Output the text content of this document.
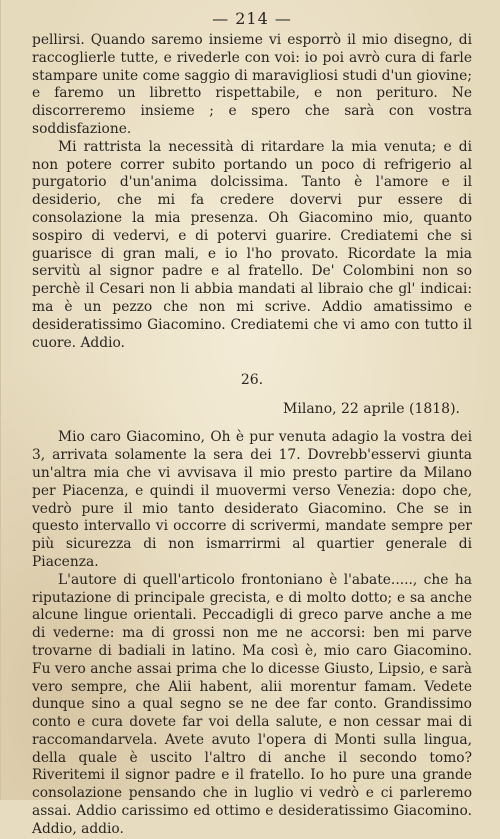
— 214 —

pellirsi. Quando saremo insieme vi esporrò il mio disegno, di raccoglierle tutte, e rivederle con voi: io poi avrò cura di farle stampare unite come saggio di maravigliosi studi d'un giovine; e faremo un libretto rispettabile, e non perituro. Ne discorreremo insieme ; e spero che sarà con vostra soddisfazione.

Mi rattrista la necessità di ritardare la mia venuta; e di non potere correr subito portando un poco di refrigerio al purgatorio d'un'anima dolcissima. Tanto è l'amore e il desiderio, che mi fa credere dovervi pur essere di consolazione la mia presenza. Oh Giacomino mio, quanto sospiro di vedervi, e di potervi guarire. Crediatemi che si guarisce di gran mali, e io l'ho provato. Ricordate la mia servitù al signor padre e al fratello. De' Colombini non so perchè il Cesari non li abbia mandati al libraio che gl' indicai: ma è un pezzo che non mi scrive. Addio amatissimo e desideratissimo Giacomino. Crediatemi che vi amo con tutto il cuore. Addio.

26.

Milano, 22 aprile (1818).

Mio caro Giacomino, Oh è pur venuta adagio la vostra dei 3, arrivata solamente la sera dei 17. Dovrebb'esservi giunta un'altra mia che vi avvisava il mio presto partire da Milano per Piacenza, e quindi il muovermi verso Venezia: dopo che, vedrò pure il mio tanto desiderato Giacomino. Che se in questo intervallo vi occorre di scrivermi, mandate sempre per più sicurezza di non ismarrirmi al quartier generale di Piacenza.

L'autore di quell'articolo frontoniano è l'abate....., che ha riputazione di principale grecista, e di molto dotto; e sa anche alcune lingue orientali. Peccadigli di greco parve anche a me di vederne: ma di grossi non me ne accorsi: ben mi parve trovarne di badiali in latino. Ma così è, mio caro Giacomino. Fu vero anche assai prima che lo dicesse Giusto, Lipsio, e sarà vero sempre, che Alii habent, alii morentur famam. Vedete dunque sino a qual segno se ne dee far conto. Grandissimo conto e cura dovete far voi della salute, e non cessar mai di raccomandarvela. Avete avuto l'opera di Monti sulla lingua, della quale è uscito l'altro di anche il secondo tomo? Riveritemi il signor padre e il fratello. Io ho pure una grande consolazione pensando che in luglio vi vedrò e ci parleremo assai. Addio carissimo ed ottimo e desideratissimo Giacomino. Addio, addio.
